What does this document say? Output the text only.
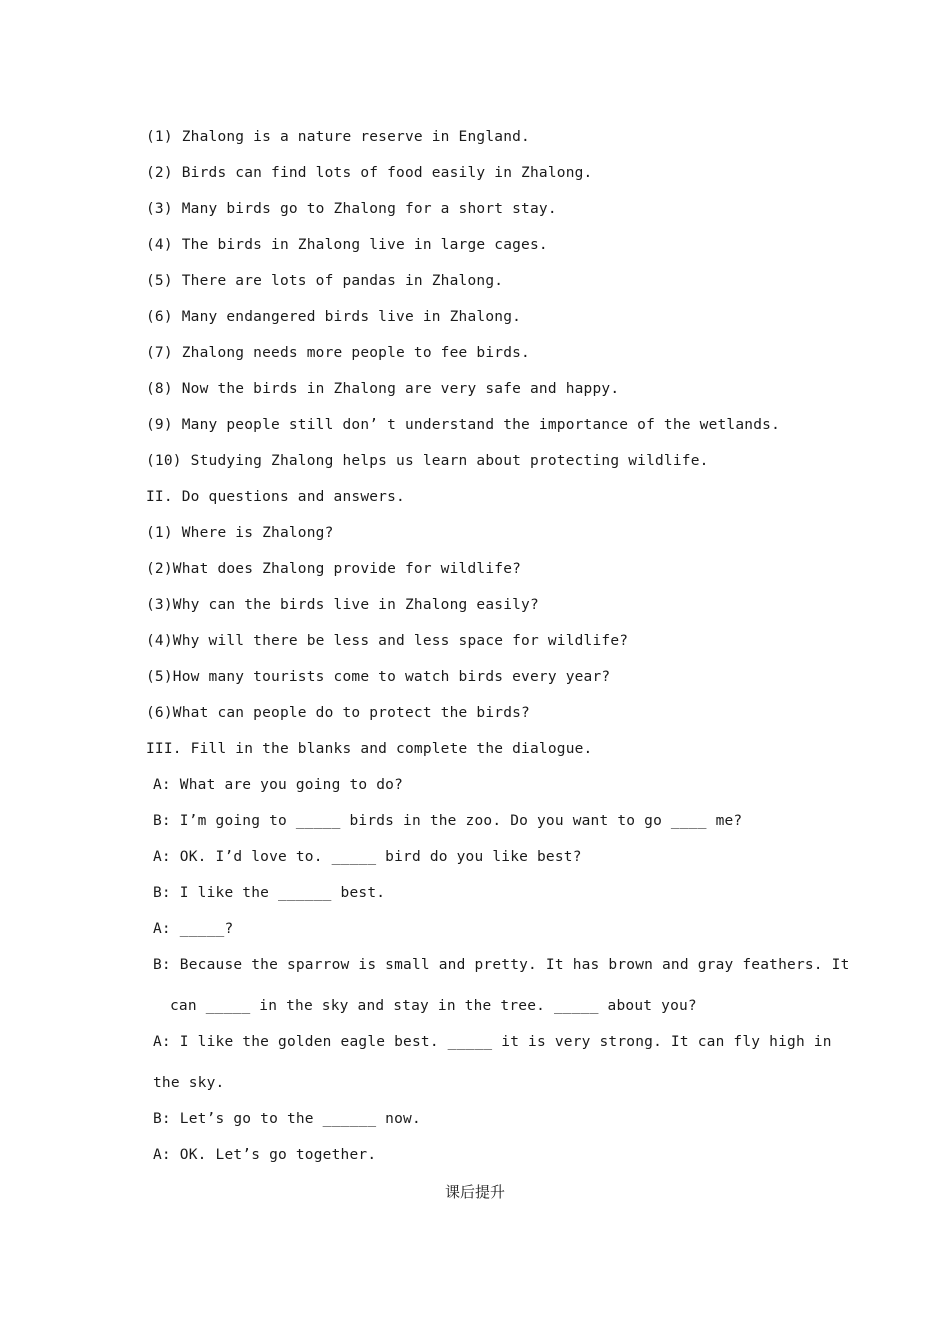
(1) Zhalong is a nature reserve in England.
(2) Birds can find lots of food easily in Zhalong.
(3) Many birds go to Zhalong for a short stay.
(4) The birds in Zhalong live in large cages.
(5) There are lots of pandas in Zhalong.
(6) Many endangered birds live in Zhalong.
(7) Zhalong needs more people to fee birds.
(8) Now the birds in Zhalong are very safe and happy.
(9) Many people still don’ t understand the importance of the wetlands.
(10) Studying Zhalong helps us learn about protecting wildlife.
II. Do questions and answers.
(1) Where is Zhalong?
(2)What does Zhalong provide for wildlife?
(3)Why can the birds live in Zhalong easily?
(4)Why will there be less and less space for wildlife?
(5)How many tourists come to watch birds every year?
(6)What can people do to protect the birds?
III. Fill in the blanks and complete the dialogue.
A: What are you going to do?
B: I’m going to _____ birds in the zoo. Do you want to go ____ me?
A: OK. I’d love to. _____ bird do you like best?
B: I like the ______ best.
A: _____?
B: Because the sparrow is small and pretty. It has brown and gray feathers. It
can _____ in the sky and stay in the tree. _____ about you?
A: I like the golden eagle best. _____ it is very strong. It can fly high in
the sky.
B: Let’s go to the ______ now.
A: OK. Let’s go together.
课后提升
